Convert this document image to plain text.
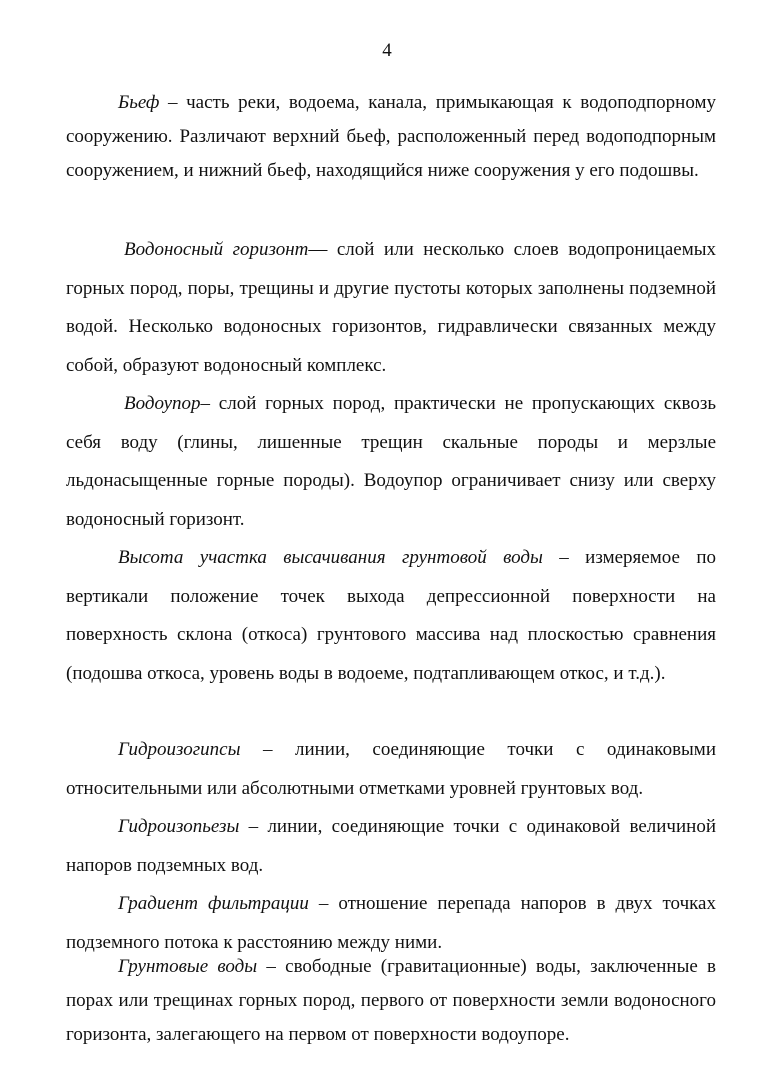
4

Бьеф – часть реки, водоема, канала, примыкающая к водоподпорному сооружению. Различают верхний бьеф, расположенный перед водоподпорным сооружением, и нижний бьеф, находящийся ниже сооружения у его подошвы.

Водоносный горизонт— слой или несколько слоев водопроницаемых горных пород, поры, трещины и другие пустоты которых заполнены подземной водой. Несколько водоносных горизонтов, гидравлически связанных между собой, образуют водоносный комплекс.

Водоупор– слой горных пород, практически не пропускающих сквозь себя воду (глины, лишенные трещин скальные породы и мерзлые льдонасыщенные горные породы). Водоупор ограничивает снизу или сверху водоносный горизонт.

Высота участка высачивания грунтовой воды – измеряемое по вертикали положение точек выхода депрессионной поверхности на поверхность склона (откоса) грунтового массива над плоскостью сравнения (подошва откоса, уровень воды в водоеме, подтапливающем откос, и т.д.).

Гидроизогипсы – линии, соединяющие точки с одинаковыми относительными или абсолютными отметками уровней грунтовых вод.

Гидроизопьезы – линии, соединяющие точки с одинаковой величиной напоров подземных вод.

Градиент фильтрации – отношение перепада напоров в двух точках подземного потока к расстоянию между ними.

Грунтовые воды – свободные (гравитационные) воды, заключенные в порах или трещинах горных пород, первого от поверхности земли водоносного горизонта, залегающего на первом от поверхности водоупоре.
